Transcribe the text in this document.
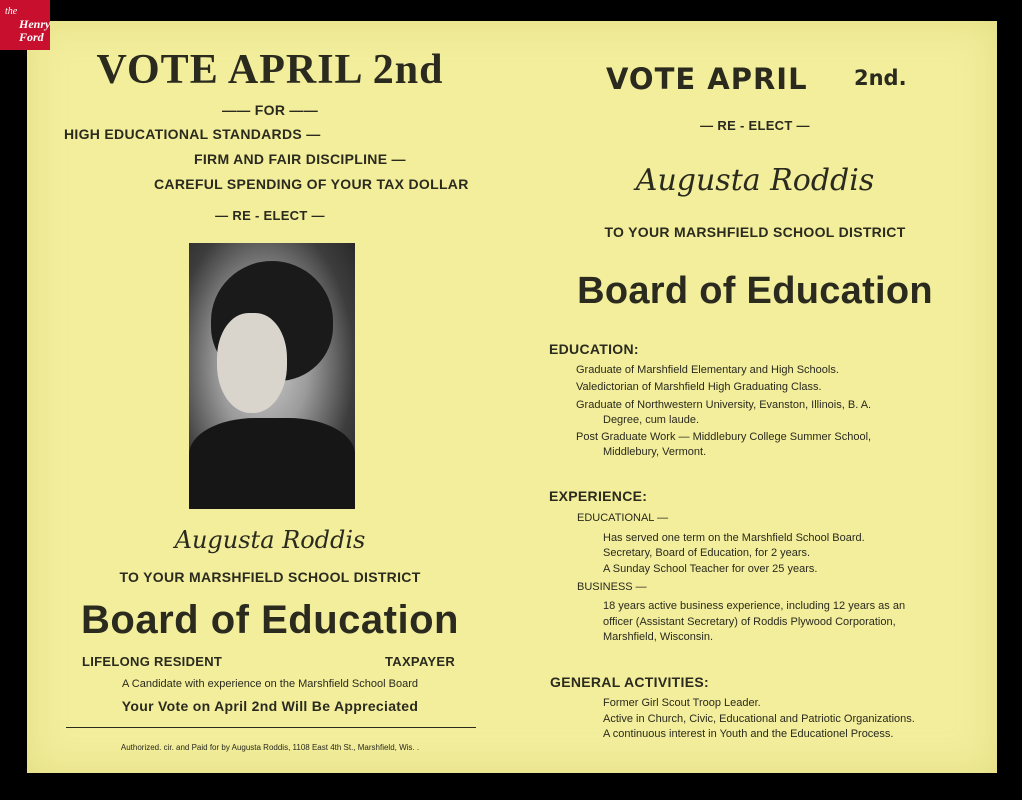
the
Henry
Ford
VOTE APRIL 2nd
—— FOR ——
HIGH EDUCATIONAL STANDARDS —
FIRM AND FAIR DISCIPLINE —
CAREFUL SPENDING OF YOUR TAX DOLLAR
— RE - ELECT —
Augusta Roddis
TO YOUR MARSHFIELD SCHOOL DISTRICT
Board of Education
LIFELONG RESIDENT	TAXPAYER
A Candidate with experience on the Marshfield School Board
Your Vote on April 2nd Will Be Appreciated
Authorized. cir. and Paid for by Augusta Roddis, 1108 East 4th St., Marshfield, Wis. .
VOTE APRIL 2nd.
— RE - ELECT —
Augusta Roddis
TO YOUR MARSHFIELD SCHOOL DISTRICT
Board of Education
EDUCATION:
Graduate of Marshfield Elementary and High Schools.
Valedictorian of Marshfield High Graduating Class.
Graduate of Northwestern University, Evanston, Illinois, B. A.
Degree, cum laude.
Post Graduate Work — Middlebury College Summer School,
Middlebury, Vermont.
EXPERIENCE:
EDUCATIONAL —
Has served one term on the Marshfield School Board.
Secretary, Board of Education, for 2 years.
A Sunday School Teacher for over 25 years.
BUSINESS —
18 years active business experience, including 12 years as an
officer (Assistant Secretary) of Roddis Plywood Corporation,
Marshfield, Wisconsin.
GENERAL ACTIVITIES:
Former Girl Scout Troop Leader.
Active in Church, Civic, Educational and Patriotic Organizations.
A continuous interest in Youth and the Educationel Process.
